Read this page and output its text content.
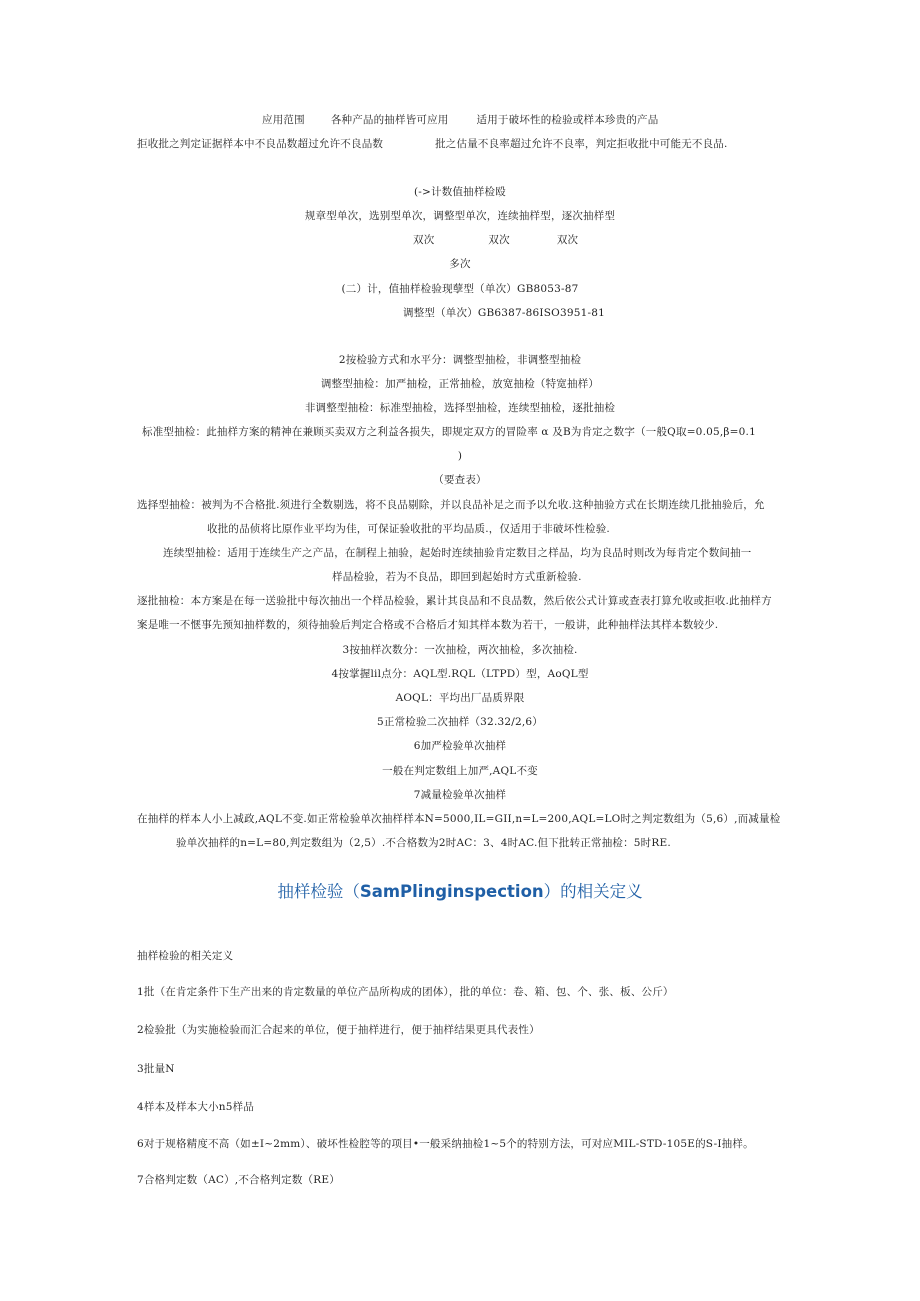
应用范围 各种产品的抽样皆可应用	适用于破坏性的检验或样本珍贵的产品
拒收批之判定证据样本中不良品数超过允许不良品数	批之估量不良率超过允许不良率，判定拒收批中可能无不良品.
(->计数值抽样检殴
规章型单次，选别型单次，调整型单次，连续抽样型，逐次抽样型
双次	双次	双次
多次
(二）计，值抽样检验现孽型（单次）GB8053-87
调整型（单次）GB6387-86ISO3951-81
2按检验方式和水平分：调整型抽检，非调整型抽检
调整型抽检：加严抽检，正常抽检，放宽抽检（特宽抽样）
非调整型抽检：标准型抽检，选择型抽检，连续型抽检，逐批抽检
标准型抽检：此抽样方案的精神在兼顾买卖双方之利益各损失，即规定双方的冒险率 α 及B为肯定之数字（一般Q取=0.05,β=0.1
)
（要查表）
选择型抽检：被判为不合格批.须进行全数剔选，将不良品剔除，并以良品补足之而予以允收.这种抽验方式在长期连续几批抽验后，允
收批的品侦将比原作业平均为佳，可保证验收批的平均品质.，仅适用于非破坏性检验.
连续型抽检：适用于连续生产之产品，在制程上抽验，起始时连续抽验肯定数目之样品，均为良品时则改为每肯定个数间抽一
样品检验，若为不良品，即回到起始时方式重新检验.
逐批抽检：本方案是在每一送验批中每次抽出一个样品检验，累计其良品和不良品数，然后依公式计算或查表打算允收或拒收.此抽样方
案是唯一不惬事先预知抽样数的，须待抽验后判定合格或不合格后才知其样本数为若干，一般讲，此种抽样法其样本数较少.
3按抽样次数分：一次抽检，两次抽检，多次抽检.
4按掌握lil点分：AQL型.RQL（LTPD）型，AoQL型
AOQL：平均出厂品质界限
5正常检验二次抽样（32.32/2,6）
6加严检验单次抽样
一般在判定数组上加严,AQL不变
7减量检验单次抽样
在抽样的样本人小上减政,AQL不变.如正常检验单次抽样样本N=5000,IL=GII,n=L=200,AQL=LO时之判定数组为（5,6）,而减量检
验单次抽样的n=L=80,判定数组为（2,5）.不合格数为2时AC：3、4时AC.但下批转正常抽检：5时RE.
抽样检验（SamPlinginspection）的相关定义
抽样检验的相关定义
1批（在肯定条件下生产出来的肯定数量的单位产品所构成的团体），批的单位：卷、箱、包、个、张、板、公斤）
2检验批（为实施检验而汇合起来的单位，便于抽样进行，便于抽样结果更具代表性）
3批量N
4样本及样本大小n5样品
6对于规格精度不高（如±I~2mm）、破坏性检腔等的项目•一般采纳抽检1~5个的特别方法，可对应MIL-STD-105E的S-I抽样。
7合格判定数（AC）,不合格判定数（RE）
